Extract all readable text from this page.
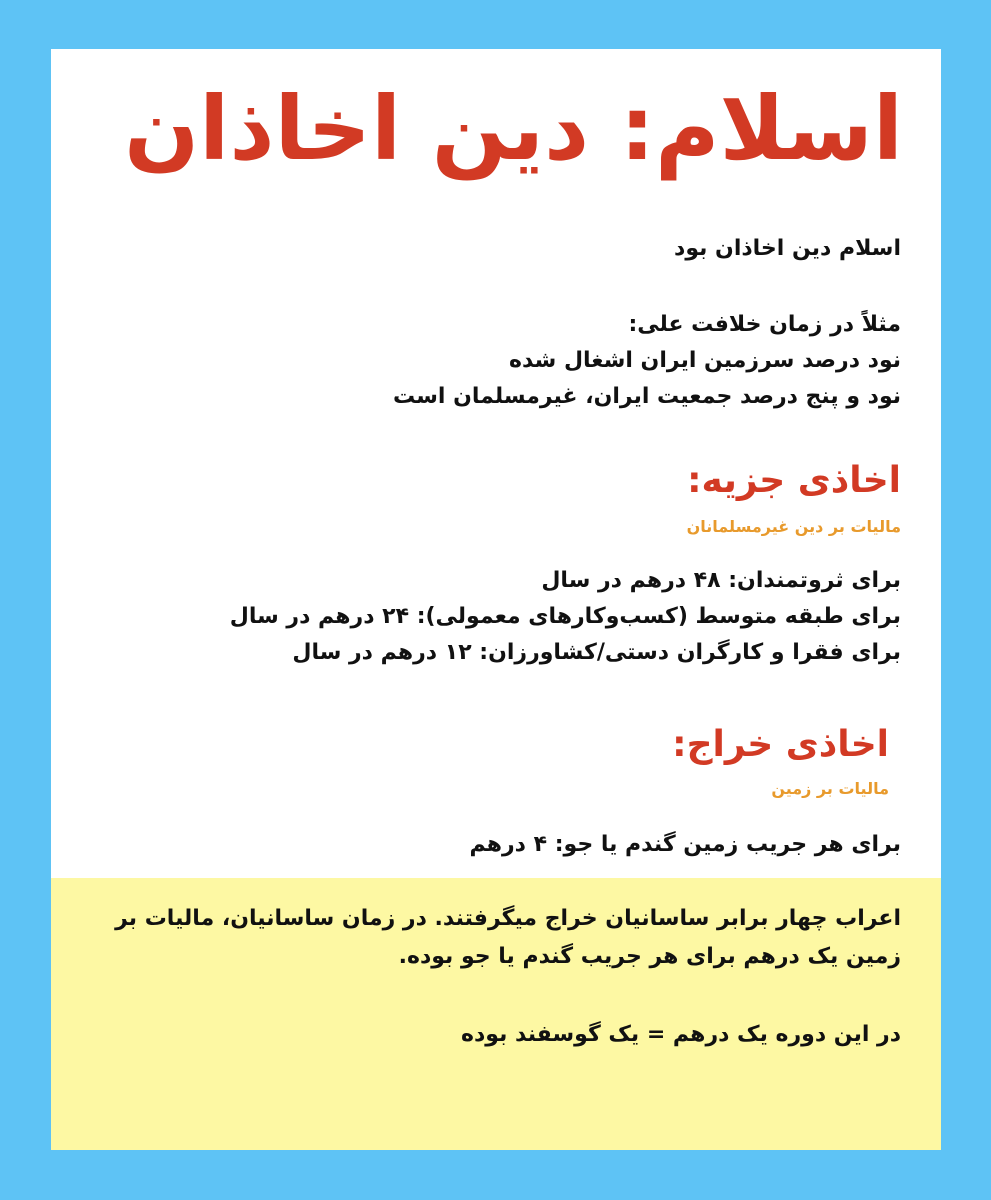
اسلام: دین اخاذان

اسلام دین اخاذان بود

مثلاً در زمان خلافت علی:
نود درصد سرزمین ایران اشغال شده
نود و پنج درصد جمعیت ایران، غیرمسلمان است
اخاذی جزیه:

مالیات بر دین غیرمسلمانان

برای ثروتمندان: ۴۸ درهم در سال
برای طبقه متوسط (کسب‌وکارهای معمولی): ۲۴ درهم در سال
برای فقرا و کارگران دستی/کشاورزان: ۱۲ درهم در سال
اخاذی خراج:

مالیات بر زمین

برای هر جریب زمین گندم یا جو: ۴ درهم

اعراب چهار برابر ساسانیان خراج میگرفتند. در زمان ساسانیان، مالیات بر زمین یک درهم برای هر جریب گندم یا جو بوده.

در این دوره یک درهم = یک گوسفند بوده
